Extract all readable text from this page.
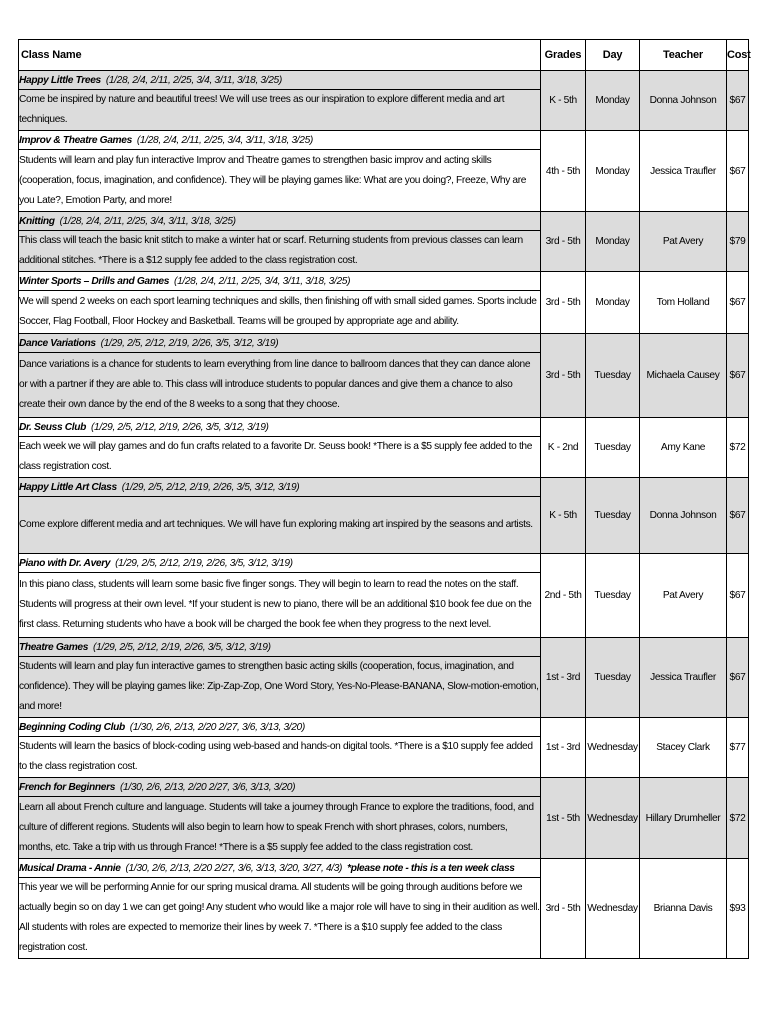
Class Name	Grades	Day	Teacher	Cost
Happy Little Trees (1/28, 2/4, 2/11, 2/25, 3/4, 3/11, 3/18, 3/25)	K - 5th	Monday	Donna Johnson	$67
Come be inspired by nature and beautiful trees! We will use trees as our inspiration to explore different media and art techniques.				
Improv & Theatre Games (1/28, 2/4, 2/11, 2/25, 3/4, 3/11, 3/18, 3/25)	4th - 5th	Monday	Jessica Traufler	$67
Students will learn and play fun interactive Improv and Theatre games to strengthen basic improv and acting skills (cooperation, focus, imagination, and confidence). They will be playing games like: What are you doing?, Freeze, Why are you Late?, Emotion Party, and more!				
Knitting (1/28, 2/4, 2/11, 2/25, 3/4, 3/11, 3/18, 3/25)	3rd - 5th	Monday	Pat Avery	$79
This class will teach the basic knit stitch to make a winter hat or scarf. Returning students from previous classes can learn additional stitches. *There is a $12 supply fee added to the class registration cost.				
Winter Sports – Drills and Games (1/28, 2/4, 2/11, 2/25, 3/4, 3/11, 3/18, 3/25)	3rd - 5th	Monday	Tom Holland	$67
We will spend 2 weeks on each sport learning techniques and skills, then finishing off with small sided games. Sports include Soccer, Flag Football, Floor Hockey and Basketball. Teams will be grouped by appropriate age and ability.				
Dance Variations (1/29, 2/5, 2/12, 2/19, 2/26, 3/5, 3/12, 3/19)	3rd - 5th	Tuesday	Michaela Causey	$67
Dance variations is a chance for students to learn everything from line dance to ballroom dances that they can dance alone or with a partner if they are able to. This class will introduce students to popular dances and give them a chance to also create their own dance by the end of the 8 weeks to a song that they choose.				
Dr. Seuss Club (1/29, 2/5, 2/12, 2/19, 2/26, 3/5, 3/12, 3/19)	K - 2nd	Tuesday	Amy Kane	$72
Each week we will play games and do fun crafts related to a favorite Dr. Seuss book! *There is a $5 supply fee added to the class registration cost.				
Happy Little Art Class (1/29, 2/5, 2/12, 2/19, 2/26, 3/5, 3/12, 3/19)	K - 5th	Tuesday	Donna Johnson	$67
Come explore different media and art techniques. We will have fun exploring making art inspired by the seasons and artists.				
Piano with Dr. Avery (1/29, 2/5, 2/12, 2/19, 2/26, 3/5, 3/12, 3/19)	2nd - 5th	Tuesday	Pat Avery	$67
In this piano class, students will learn some basic five finger songs. They will begin to learn to read the notes on the staff. Students will progress at their own level. *If your student is new to piano, there will be an additional $10 book fee due on the first class. Returning students who have a book will be charged the book fee when they progress to the next level.				
Theatre Games (1/29, 2/5, 2/12, 2/19, 2/26, 3/5, 3/12, 3/19)	1st - 3rd	Tuesday	Jessica Traufler	$67
Students will learn and play fun interactive games to strengthen basic acting skills (cooperation, focus, imagination, and confidence). They will be playing games like: Zip-Zap-Zop, One Word Story, Yes-No-Please-BANANA, Slow-motion-emotion, and more!				
Beginning Coding Club (1/30, 2/6, 2/13, 2/20 2/27, 3/6, 3/13, 3/20)	1st - 3rd	Wednesday	Stacey Clark	$77
Students will learn the basics of block-coding using web-based and hands-on digital tools. *There is a $10 supply fee added to the class registration cost.				
French for Beginners (1/30, 2/6, 2/13, 2/20 2/27, 3/6, 3/13, 3/20)	1st - 5th	Wednesday	Hillary Drumheller	$72
Learn all about French culture and language. Students will take a journey through France to explore the traditions, food, and culture of different regions. Students will also begin to learn how to speak French with short phrases, colors, numbers, months, etc. Take a trip with us through France! *There is a $5 supply fee added to the class registration cost.				
Musical Drama - Annie (1/30, 2/6, 2/13, 2/20 2/27, 3/6, 3/13, 3/20, 3/27, 4/3) *please note - this is a ten week class	3rd - 5th	Wednesday	Brianna Davis	$93
This year we will be performing Annie for our spring musical drama. All students will be going through auditions before we actually begin so on day 1 we can get going! Any student who would like a major role will have to sing in their audition as well. All students with roles are expected to memorize their lines by week 7. *There is a $10 supply fee added to the class registration cost.				
